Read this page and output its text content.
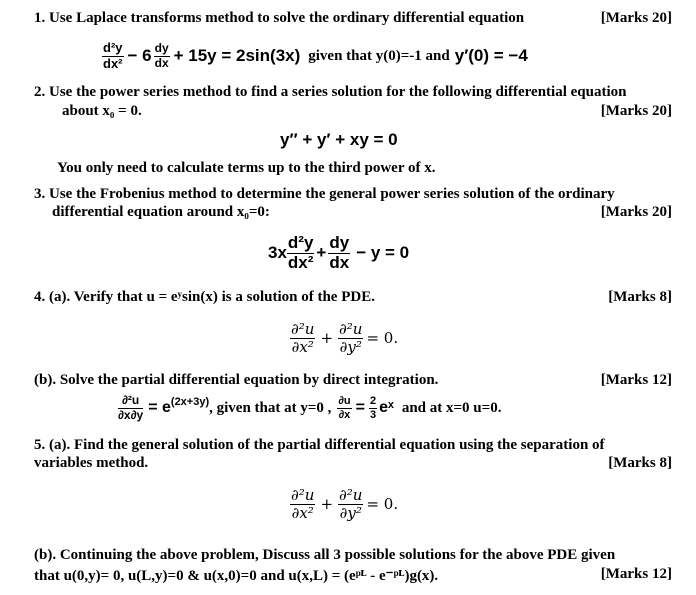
1. Use Laplace transforms method to solve the ordinary differential equation	[Marks 20]
$\frac{\text{d²y}}{\text{dx²}} - 6 \frac{dy}{dx} + 15y = 2\sin(3x)$ given that y(0)=-1 and y′(0) = −4
2. Use the power series method to find a series solution for the following differential equation
about x₀ = 0.	[Marks 20]
y″ + y′ + xy = 0
You only need to calculate terms up to the third power of x.
3. Use the Frobenius method to determine the general power series solution of the ordinary
differential equation around x₀=0:	[Marks 20]
$3x \frac{\text{d²y}}{\text{dx²}} + \frac{dy}{dx} - y = 0$
4. (a). Verify that u = eʸsin(x) is a solution of the PDE.	[Marks 8]
$\frac{\text{∂²u}}{\text{∂x²}} + \frac{\text{∂²u}}{\text{∂y²}} = 0$.
(b). Solve the partial differential equation by direct integration.	[Marks 12]
$\frac{\text{∂²u}}{\partial x\partial y} = e^{(2x+3y)}$ , given that at y=0 , $\frac{\partial u}{\partial x} = \frac{2}{3}$ eˣ and at x=0 u=0.
5. (a). Find the general solution of the partial differential equation using the separation of
variables method.	[Marks 8]
$\frac{\text{∂²u}}{\text{∂x²}} + \frac{\text{∂²u}}{\text{∂y²}} = 0$.
(b). Continuing the above problem, Discuss all 3 possible solutions for the above PDE given
that u(0,y)= 0, u(L,y)=0 & u(x,0)=0 and u(x,L) = (eᵖᴸ - e⁻ᵖᴸ)g(x).	[Marks 12]
